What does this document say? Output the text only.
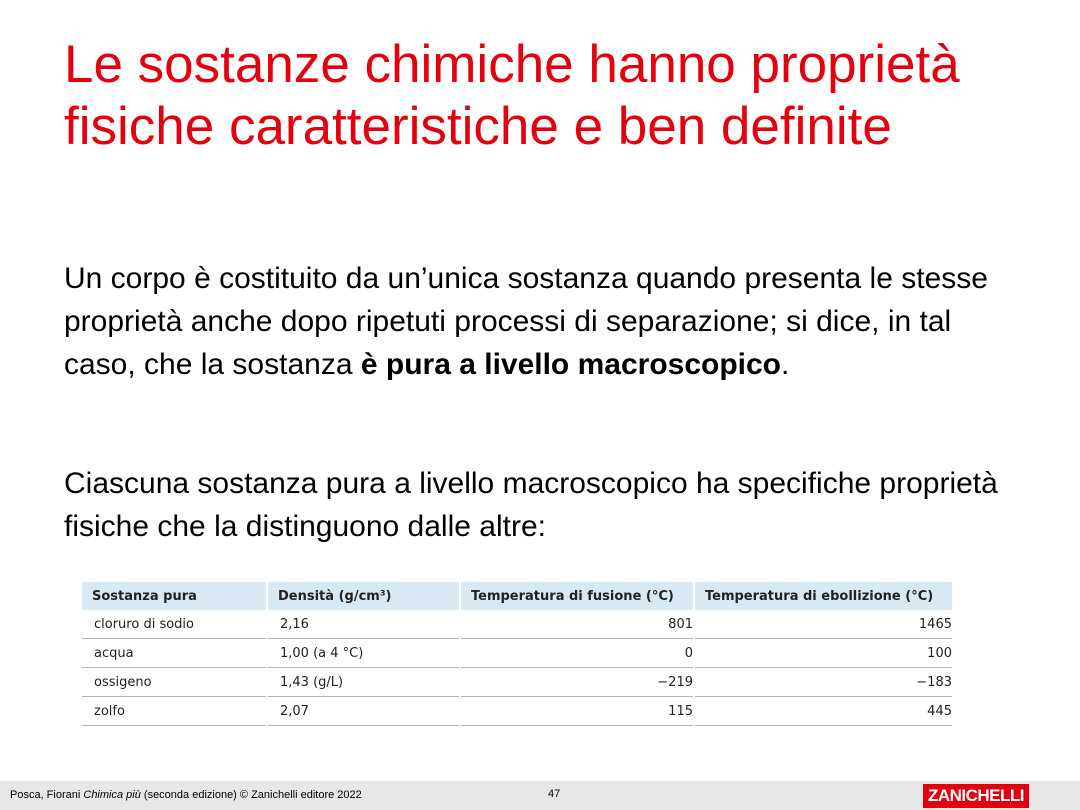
Le sostanze chimiche hanno proprietà fisiche caratteristiche e ben definite

Un corpo è costituito da un’unica sostanza quando presenta le stesse proprietà anche dopo ripetuti processi di separazione; si dice, in tal caso, che la sostanza è pura a livello macroscopico.

Ciascuna sostanza pura a livello macroscopico ha specifiche proprietà fisiche che la distinguono dalle altre:

Sostanza pura	Densità (g/cm³)	Temperatura di fusione (°C)	Temperatura di ebollizione (°C)
cloruro di sodio	2,16	801	1465
acqua	1,00 (a 4 °C)	0	100
ossigeno	1,43 (g/L)	−219	−183
zolfo	2,07	115	445
Posca, Fiorani Chimica più (seconda edizione) © Zanichelli editore 2022	47	ZANICHELLI
